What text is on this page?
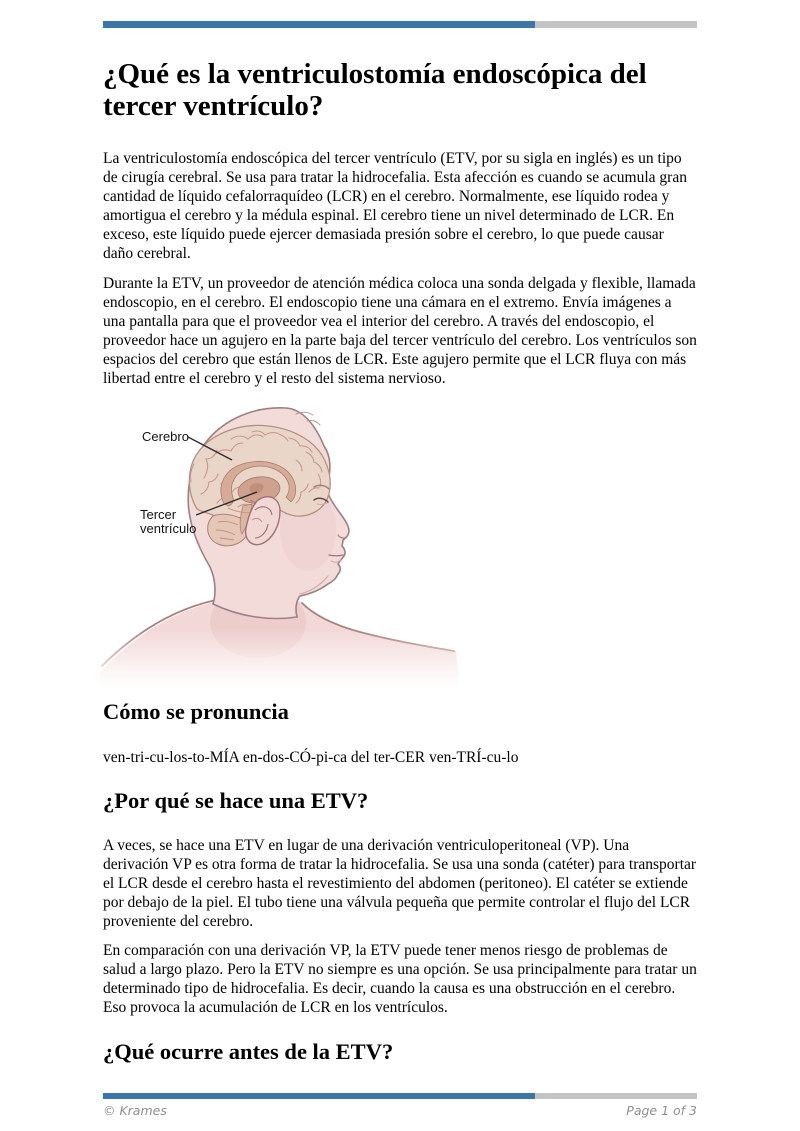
¿Qué es la ventriculostomía endoscópica del tercer ventrículo?

La ventriculostomía endoscópica del tercer ventrículo (ETV, por su sigla en inglés) es un tipo de cirugía cerebral. Se usa para tratar la hidrocefalia. Esta afección es cuando se acumula gran cantidad de líquido cefalorraquídeo (LCR) en el cerebro. Normalmente, ese líquido rodea y amortigua el cerebro y la médula espinal. El cerebro tiene un nivel determinado de LCR. En exceso, este líquido puede ejercer demasiada presión sobre el cerebro, lo que puede causar daño cerebral.

Durante la ETV, un proveedor de atención médica coloca una sonda delgada y flexible, llamada endoscopio, en el cerebro. El endoscopio tiene una cámara en el extremo. Envía imágenes a una pantalla para que el proveedor vea el interior del cerebro. A través del endoscopio, el proveedor hace un agujero en la parte baja del tercer ventrículo del cerebro. Los ventrículos son espacios del cerebro que están llenos de LCR. Este agujero permite que el LCR fluya con más libertad entre el cerebro y el resto del sistema nervioso.

Cerebro
Tercer
ventrículo
Cómo se pronuncia

ven-tri-cu-los-to-MÍA en-dos-CÓ-pi-ca del ter-CER ven-TRÍ-cu-lo

¿Por qué se hace una ETV?

A veces, se hace una ETV en lugar de una derivación ventriculoperitoneal (VP). Una derivación VP es otra forma de tratar la hidrocefalia. Se usa una sonda (catéter) para transportar el LCR desde el cerebro hasta el revestimiento del abdomen (peritoneo). El catéter se extiende por debajo de la piel. El tubo tiene una válvula pequeña que permite controlar el flujo del LCR proveniente del cerebro.

En comparación con una derivación VP, la ETV puede tener menos riesgo de problemas de salud a largo plazo. Pero la ETV no siempre es una opción. Se usa principalmente para tratar un determinado tipo de hidrocefalia. Es decir, cuando la causa es una obstrucción en el cerebro. Eso provoca la acumulación de LCR en los ventrículos.

¿Qué ocurre antes de la ETV?
© Krames	Page 1 of 3
